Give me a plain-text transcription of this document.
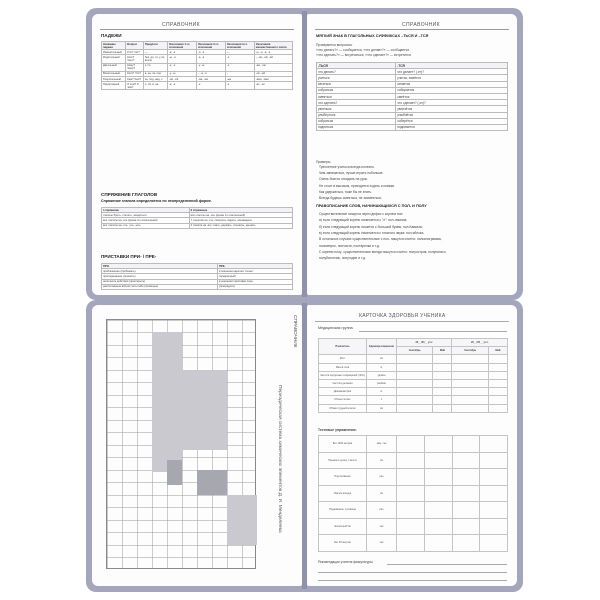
СПРАВОЧНИК
ПАДЕЖИ
Название падежа	Вопрос	Предлоги	Окончания 1-го склонения	Окончания 2-го склонения	Окончания 3-го склонения	Окончания множественного числа
Именительный	Кто? Что?	—	-а, -я	-о, -е	—	-ы, -и, -а, -я
Родительный	Кого? Чего?	без, до, от, у, из, возле	-ы, -и	-а, -я	-и	-, -ов, -ей, -ий
Дательный	Кому? Чему?	к, по	-е, -и	-у, -ю	-и	-ам, -ям
Винительный	Кого? Что?	в, на, за, про	-у, -ю	-, -а, -я	-	-ов, -ей
Творительный	Кем? Чем?	за, под, над, с	-ой, -ей	-ом, -ем	-ью	-ами, -ями
Предложный	О ком? О чём?	о, об, в, на	-е, -и	-е	-и	-ах, -ях
СПРЯЖЕНИЕ ГЛАГОЛОВ
Спряжение глагола определяется по неопределенной форме.
I спряжение	II спряжение
глаголы брить, стелить, зиждиться	все глаголы на -ить (кроме 3-х исключений)
все глаголы на -ать (кроме 3-х исключений)	7 глаголов на -еть: смотреть, видеть, ненавидеть
все глаголы на -оть, -уть, -ыть	4 глагола на -ать: гнать, держать, слышать, дышать
ПРИСТАВКИ ПРИ- / ПРЕ-
ПРИ-	ПРЕ-
приближение (прибежать)	в значении наречия "очень"
присоединение (пришить)	(прекрасный)
неполнота действия (приоткрыть)	в значении приставки пере-
расположение вблизи чего-либо (приморье)	(преградить)
СПРАВОЧНИК
МЯГКИЙ ЗНАК В ГЛАГОЛЬНЫХ СУФФИКСАХ –ТЬСЯ И –ТСЯ
Проверяется вопросом:
«что делать?» — сообщается, «что делает?» — сообщается
«что сделать?» — встречаться, «что сделает?» — встретится
-ТЬСЯ	-ТСЯ
что делать?	что делает? (-ет)?
учиться	учится, смеётся
кататься	катается
собраться	собирается
смеяться	смеётся
что сделать?	что сделает? (-ит)?
увлечься	увлечётся
улыбнуться	улыбнётся
собраться	соберётся
подняться	поднимется
Примеры
Трехлетние учиться всегда полезно.
Чем заниматься, лучше играть побольше.
Очень боится опоздать на урок.
Не стоит в высоком, приходится ходить и книжки.
Как удержаться, тоже бы не знать.
Всегда будешь смеяться, не засмеяться.
ПРАВОПИСАНИЕ СЛОВ, НАЧИНАЮЩИХСЯ С ПОЛ- И ПОЛУ
Существительные пишутся через дефис с корнем пол:
а) если следующий корень начинается с "л": пол-лимона;
б) если следующий корень пишется с большой буквы: пол-Кавказа;
в) если следующий корень начинается с гласного звука: пол-яблока.
В остальных случаях существительные с пол- пишутся слитно: полкилограмма,
полминуты, полчасти, полтарелки и т.д.
С корнем полу- существительные всегда пишутся слитно: полуостров, полупальто,
полубатончик, полугодие и т.д.
СПРАВОЧНИК
Периодическая система химических элементов Д. И. Менделеева
КАРТОЧКА ЗДОРОВЬЯ УЧЕНИКА
Медицинская группа:
Показатель	Единица измерения	20__/20__ уч.г.		20__/20__ уч.г.	
		Сентябрь	Май	Сентябрь	Май
Рост	см				
Масса тела	кг				
Частота сердечных сокращений (ЧСС)	уд/мин				
Частота дыхания	раз/мин				
Динамометрия	кг				
Объем легких	л				
Обхват грудной клетки	см				
Тестовые упражнения:
Бег 1000 метров	мин, сек				
Прыжок в длину с места	см				
Подтягивание	раз				
Наклон вперед	см				
Поднимание туловища	раз				
Челночный бег	сек				
Бег 30 метров	сек				
Рекомендации учителя физкультуры:
